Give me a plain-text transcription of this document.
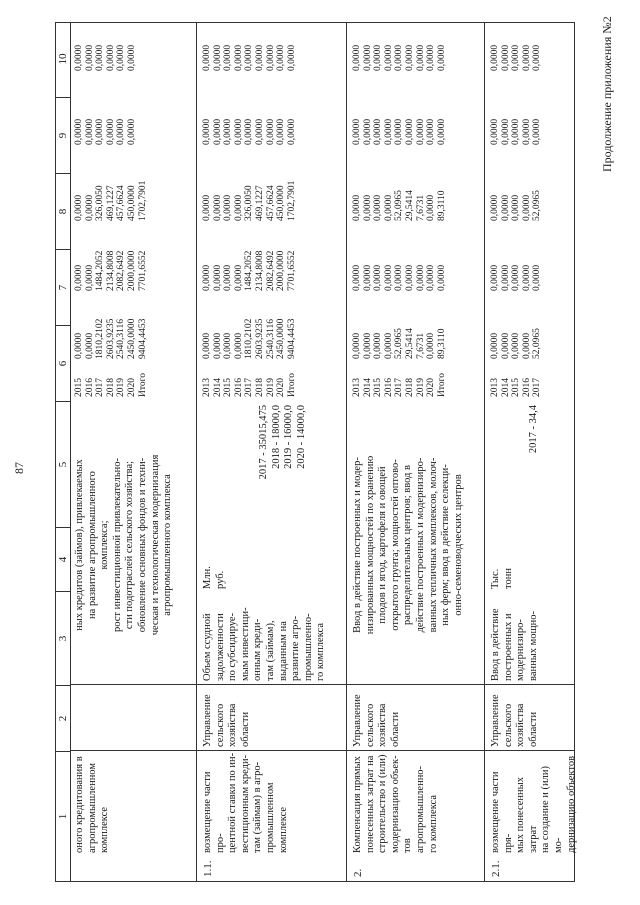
87
Продолжение приложения №2
1
2
3
4
5
6
7
8
9
10
оного кредитования в
агропромышленном
комплексе
ных кредитов (займов), привлекаемых
на развитие агропромышленного
комплекса;
рост инвестиционной привлекательно-
сти подотраслей сельского хозяйства;
обновление основных фондов и техни-
ческая и технологическая модернизация
агропромышленного комплекса
2015
2016
2017
2018
2019
2020
Итого
0,0000
0,0000
1810,2102
2603,9235
2540,3116
2450,0000
9404,4453
0,0000
0,0000
1484,2052
2134,8008
2082,6492
2000,0000
7701,6552
0,0000
0,0000
326,0050
469,1227
457,6624
450,0000
1702,7901
0,0000
0,0000
0,0000
0,0000
0,0000
0,0000
0,0000
0,0000
0,0000
0,0000
0,0000
0,0000
1.1.
возмещение части про-
центной ставки по ин-
вестиционным креди-
там (займам) в агро-
промышленном
комплексе
Управление
сельского
хозяйства
области
Объем ссудной
задолженности
по субсидируе-
мым инвестици-
онным креди-
там (займам),
выданным на
развитие агро-
промышленно-
го комплекса
Млн.
руб.
2017 - 35015,475
2018 - 18000,0
2019 - 16000,0
2020 - 14000,0
2013
2014
2015
2016
2017
2018
2019
2020
Итого
0,0000
0,0000
0,0000
0,0000
1810,2102
2603,9235
2540,3116
2450,0000
9404,4453
0,0000
0,0000
0,0000
0,0000
1484,2052
2134,8008
2082,6492
2000,0000
7701,6552
0,0000
0,0000
0,0000
0,0000
326,0050
469,1227
457,6624
450,0000
1702,7901
0,0000
0,0000
0,0000
0,0000
0,0000
0,0000
0,0000
0,0000
0,0000
0,0000
0,0000
0,0000
0,0000
0,0000
0,0000
0,0000
0,0000
0,0000
2.
Компенсация прямых
понесенных затрат на
строительство и (или)
модернизацию объек-
тов агропромышленно-
го комплекса
Управление
сельского
хозяйства
области
Ввод в действие построенных и модер-
низированных мощностей по хранению
плодов и ягод, картофеля и овощей
открытого грунта; мощностей оптово-
распределительных центров; ввод в
действие построенных и модернизиро-
ванных тепличных комплексов, молоч-
ных ферм; ввод в действие селекци-
онно-семеноводческих центров
2013
2014
2015
2016
2017
2018
2019
2020
Итого
0,0000
0,0000
0,0000
0,0000
52,0965
29,5414
7,6731
0,0000
89,3110
0,0000
0,0000
0,0000
0,0000
0,0000
0,0000
0,0000
0,0000
0,0000
0,0000
0,0000
0,0000
0,0000
52,0965
29,5414
7,6731
0,0000
89,3110
0,0000
0,0000
0,0000
0,0000
0,0000
0,0000
0,0000
0,0000
0,0000
0,0000
0,0000
0,0000
0,0000
0,0000
0,0000
0,0000
0,0000
0,0000
2.1.
возмещение части пря-
мых понесенных затрат
на создание и (или) мо-
дернизацию объектов
Управление
сельского
хозяйства
области
Ввод в действие
построенных и
модернизиро-
ванных мощно-
Тыс.
тонн
2017 - 34,4
2013
2014
2015
2016
2017
0,0000
0,0000
0,0000
0,0000
52,0965
0,0000
0,0000
0,0000
0,0000
0,0000
0,0000
0,0000
0,0000
0,0000
52,0965
0,0000
0,0000
0,0000
0,0000
0,0000
0,0000
0,0000
0,0000
0,0000
0,0000
